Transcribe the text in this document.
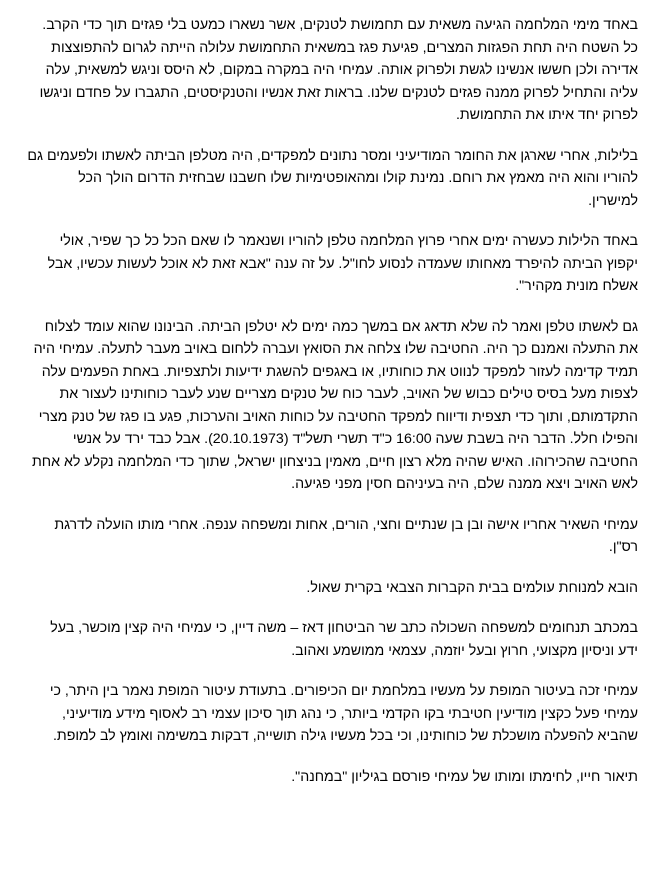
באחד מימי המלחמה הגיעה משאית עם תחמושת לטנקים, אשר נשארו כמעט בלי פגזים תוך כדי הקרב. כל השטח היה תחת הפגזות המצרים, פגיעת פגז במשאית התחמושת עלולה הייתה לגרום להתפוצצות אדירה ולכן חששו אנשינו לגשת ולפרוק אותה. עמיחי היה במקרה במקום, לא היסס וניגש למשאית, עלה עליה והתחיל לפרוק ממנה פגזים לטנקים שלנו. בראות זאת אנשיו והטנקיסטים, התגברו על פחדם וניגשו לפרוק יחד איתו את התחמושת.

בלילות, אחרי שארגן את החומר המודיעיני ומסר נתונים למפקדים, היה מטלפן הביתה לאשתו ולפעמים גם להוריו והוא היה מאמץ את רוחם. נמינת קולו ומהאופטימיות שלו חשבנו שבחזית הדרום הולך הכל למישרין.

באחד הלילות כעשרה ימים אחרי פרוץ המלחמה טלפן להוריו ושנאמר לו שאם הכל כל כך שפיר, אולי יקפוץ הביתה להיפרד מאחותו שעמדה לנסוע לחו"ל. על זה ענה "אבא זאת לא אוכל לעשות עכשיו, אבל אשלח מונית מקהיר".

גם לאשתו טלפן ואמר לה שלא תדאג אם במשך כמה ימים לא יטלפן הביתה. הבינונו שהוא עומד לצלוח את התעלה ואמנם כך היה. החטיבה שלו צלחה את הסואץ ועברה ללחום באויב מעבר לתעלה. עמיחי היה תמיד קדימה לעזור למפקד לנווט את כוחותיו, או באגפים להשגת ידיעות ולתצפיות. באחת הפעמים עלה לצפות מעל בסיס טילים כבוש של האויב, לעבר כוח של טנקים מצריים שנע לעבר כוחותינו לעצור את התקדמותם, ותוך כדי תצפית ודיווח למפקד החטיבה על כוחות האויב והערכות, פגע בו פגז של טנק מצרי והפילו חלל. הדבר היה בשבת שעה 16:00 כ"ד תשרי תשל"ד (20.10.1973). אבל כבד ירד על אנשי החטיבה שהכירוהו. האיש שהיה מלא רצון חיים, מאמין בניצחון ישראל, שתוך כדי המלחמה נקלע לא אחת לאש האויב ויצא ממנה שלם, היה בעיניהם חסין מפני פגיעה.

עמיחי השאיר אחריו אישה ובן בן שנתיים וחצי, הורים, אחות ומשפחה ענפה. אחרי מותו הועלה לדרגת רס"ן.

הובא למנוחת עולמים בבית הקברות הצבאי בקרית שאול.

במכתב תנחומים למשפחה השכולה כתב שר הביטחון דאז – משה דיין, כי עמיחי היה קצין מוכשר, בעל ידע וניסיון מקצועי, חרוץ ובעל יוזמה, עצמאי ממושמע ואהוב.

עמיחי זכה בעיטור המופת על מעשיו במלחמת יום הכיפורים. בתעודת עיטור המופת נאמר בין היתר, כי עמיחי פעל כקצין מודיעין חטיבתי בקו הקדמי ביותר, כי נהג תוך סיכון עצמי רב לאסוף מידע מודיעיני, שהביא להפעלה מושכלת של כוחותינו, וכי בכל מעשיו גילה תושייה, דבקות במשימה ואומץ לב למופת.

תיאור חייו, לחימתו ומותו של עמיחי פורסם בגיליון "במחנה".
